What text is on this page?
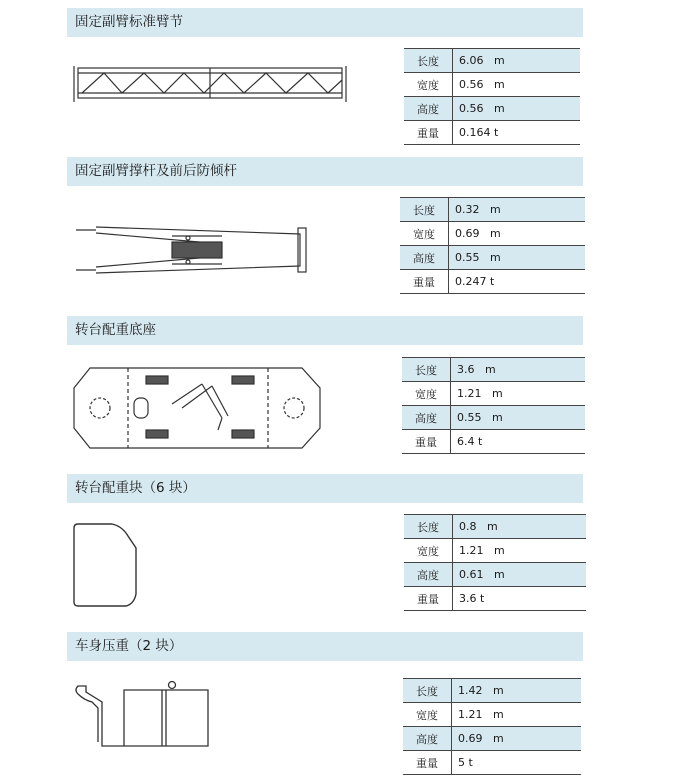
固定副臂标准臂节
长度	6.06 m
宽度	0.56 m
高度	0.56 m
重量	0.164 t
固定副臂撑杆及前后防倾杆
长度	0.32 m
宽度	0.69 m
高度	0.55 m
重量	0.247 t
转台配重底座
长度	3.6 m
宽度	1.21 m
高度	0.55 m
重量	6.4 t
转台配重块（6 块）
长度	0.8 m
宽度	1.21 m
高度	0.61 m
重量	3.6 t
车身压重（2 块）
长度	1.42 m
宽度	1.21 m
高度	0.69 m
重量	5 t
